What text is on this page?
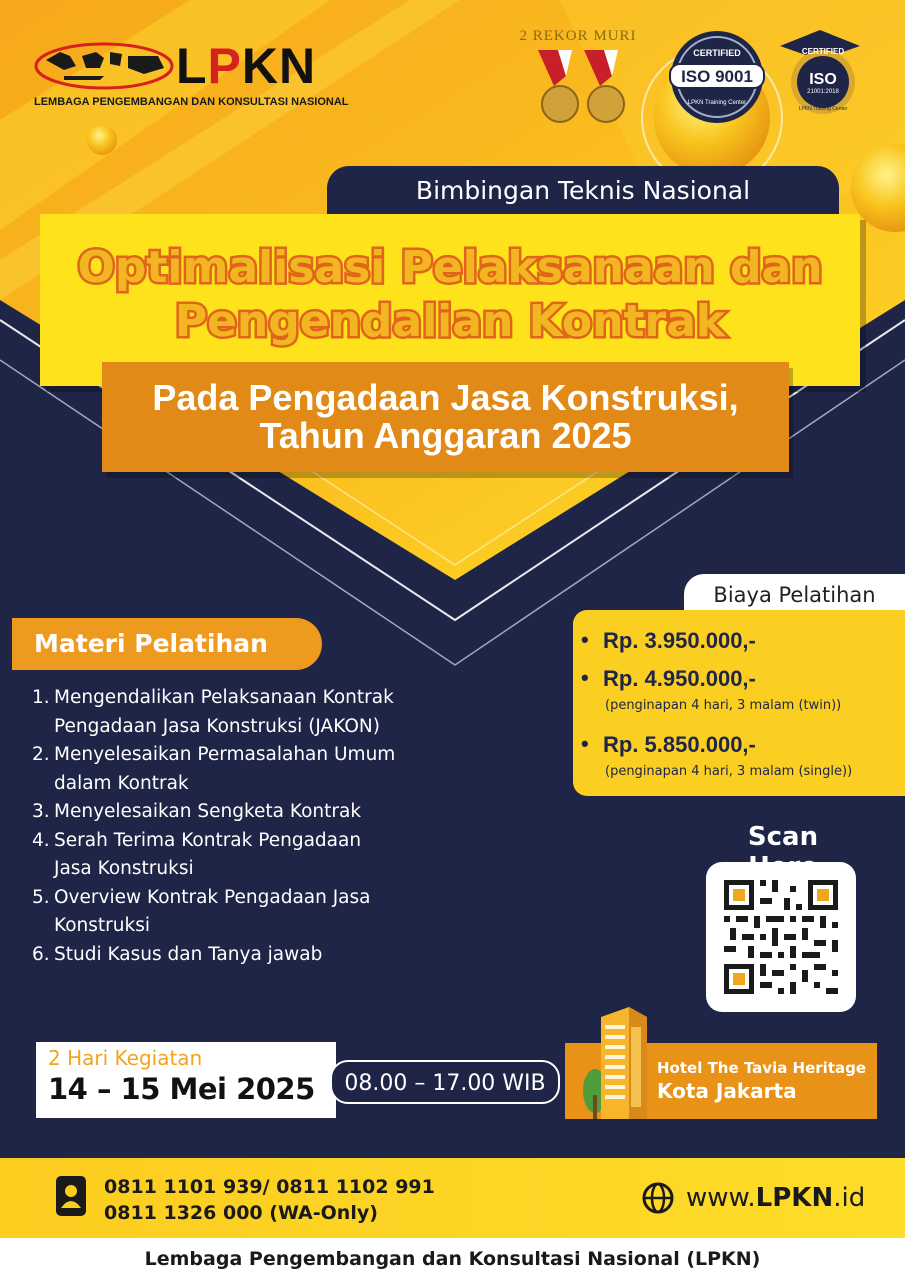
LPKN
LEMBAGA PENGEMBANGAN DAN KONSULTASI NASIONAL
2 REKOR MURI
ISO 9001
CERTIFIED
LPKN Training Center
CERTIFIED
ISO
21001:2018
LPKN Training Center
Bimbingan Teknis Nasional
Optimalisasi Pelaksanaan dan
Pengendalian Kontrak
Pada Pengadaan Jasa Konstruksi,
Tahun Anggaran 2025
Materi Pelatihan
1. Mengendalikan Pelaksanaan Kontrak
Pengadaan Jasa Konstruksi (JAKON)
2. Menyelesaikan Permasalahan Umum
dalam Kontrak
3. Menyelesaikan Sengketa Kontrak
4. Serah Terima Kontrak Pengadaan
Jasa Konstruksi
5. Overview Kontrak Pengadaan Jasa
Konstruksi
6. Studi Kasus dan Tanya jawab
Biaya Pelatihan
• Rp. 3.950.000,-
• Rp. 4.950.000,-
(penginapan 4 hari, 3 malam (twin))
• Rp. 5.850.000,-
(penginapan 4 hari, 3 malam (single))
Scan
2 Hari Kegiatan
14 – 15 Mei 2025	08.00 – 17.00 WIB
Hotel The Tavia Heritage
Kota Jakarta
0811 1101 939/ 0811 1102 991
0811 1326 000 (WA-Only)	www.LPKN.id
Lembaga Pengembangan dan Konsultasi Nasional (LPKN)
